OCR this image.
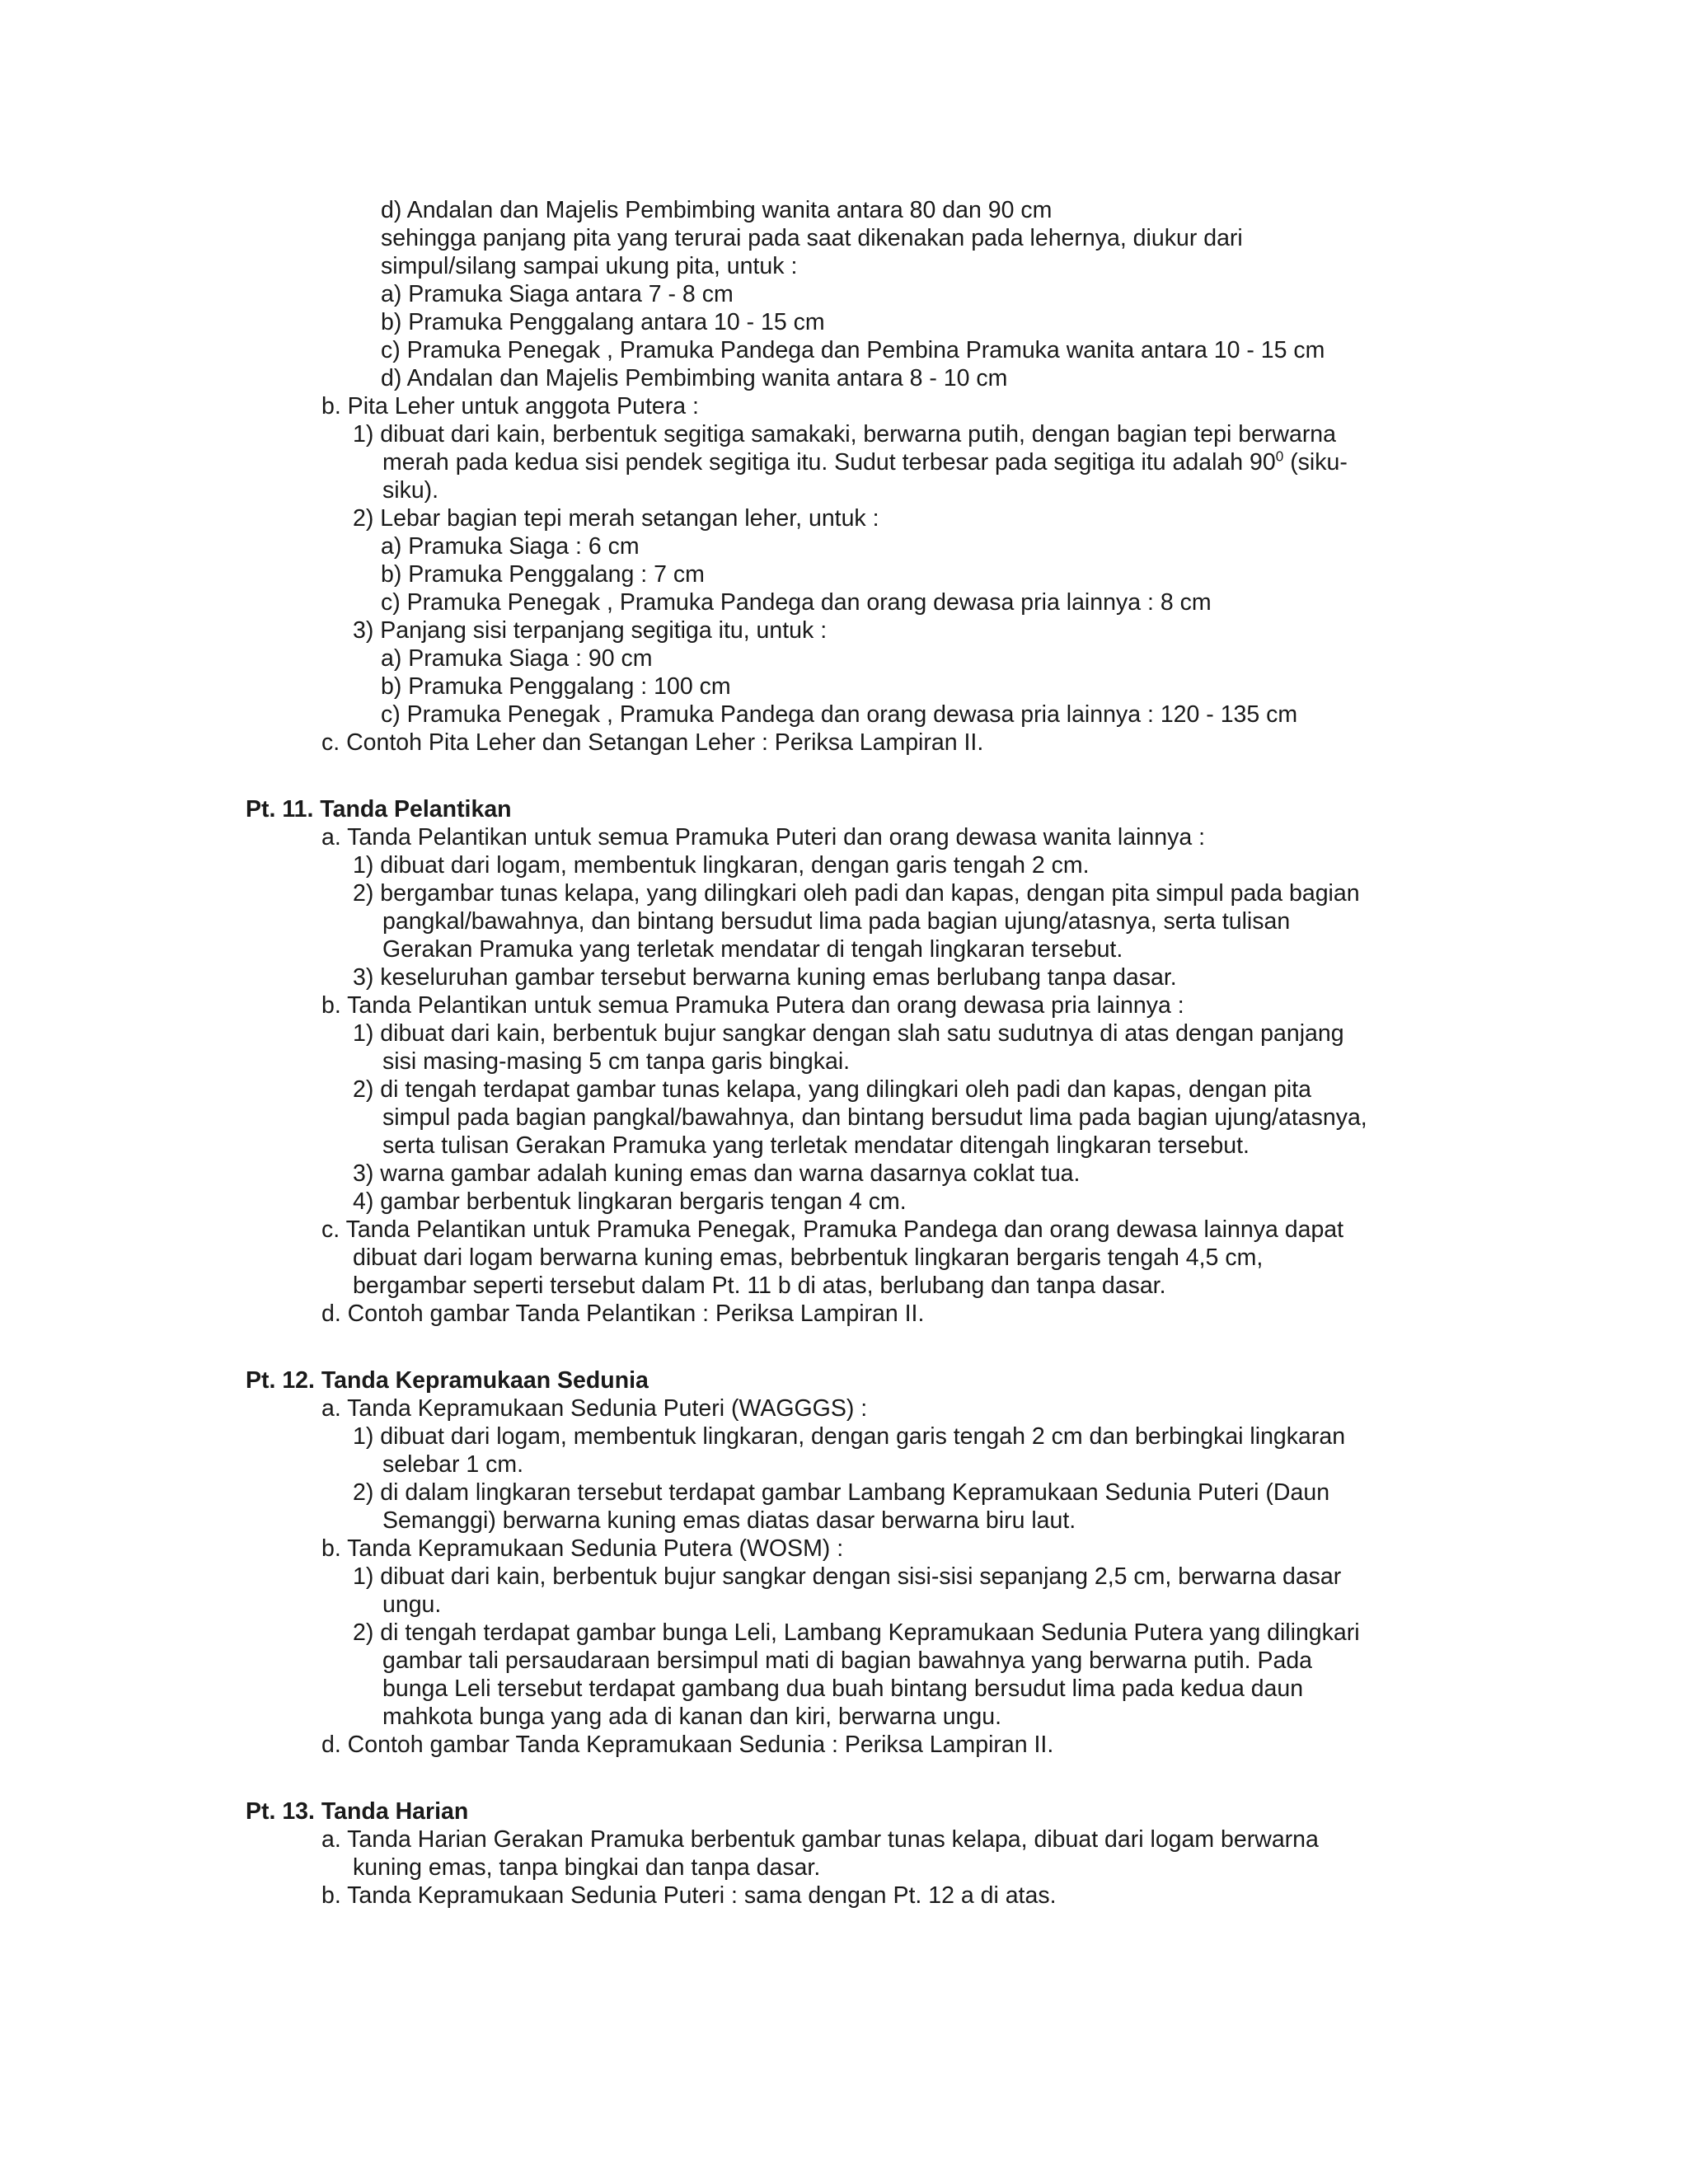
d) Andalan dan Majelis Pembimbing wanita antara 80 dan 90 cm
sehingga panjang pita yang terurai pada saat dikenakan pada lehernya, diukur dari
simpul/silang sampai ukung pita, untuk :
a) Pramuka Siaga antara 7 - 8 cm
b) Pramuka Penggalang antara 10 - 15 cm
c) Pramuka Penegak , Pramuka Pandega dan Pembina Pramuka wanita antara 10 - 15 cm
d) Andalan dan Majelis Pembimbing wanita antara 8 - 10 cm
b. Pita Leher untuk anggota Putera :
1) dibuat dari kain, berbentuk segitiga samakaki, berwarna putih, dengan bagian tepi berwarna
merah pada kedua sisi pendek segitiga itu. Sudut terbesar pada segitiga itu adalah $90^0$ (siku-
siku).
2) Lebar bagian tepi merah setangan leher, untuk :
a) Pramuka Siaga : 6 cm
b) Pramuka Penggalang : 7 cm
c) Pramuka Penegak , Pramuka Pandega dan orang dewasa pria lainnya : 8 cm
3) Panjang sisi terpanjang segitiga itu, untuk :
a) Pramuka Siaga : 90 cm
b) Pramuka Penggalang : 100 cm
c) Pramuka Penegak , Pramuka Pandega dan orang dewasa pria lainnya : 120 - 135 cm
c. Contoh Pita Leher dan Setangan Leher : Periksa Lampiran II.
Pt. 11. Tanda Pelantikan
a. Tanda Pelantikan untuk semua Pramuka Puteri dan orang dewasa wanita lainnya :
1) dibuat dari logam, membentuk lingkaran, dengan garis tengah 2 cm.
2) bergambar tunas kelapa, yang dilingkari oleh padi dan kapas, dengan pita simpul pada bagian
pangkal/bawahnya, dan bintang bersudut lima pada bagian ujung/atasnya, serta tulisan
Gerakan Pramuka yang terletak mendatar di tengah lingkaran tersebut.
3) keseluruhan gambar tersebut berwarna kuning emas berlubang tanpa dasar.
b. Tanda Pelantikan untuk semua Pramuka Putera dan orang dewasa pria lainnya :
1) dibuat dari kain, berbentuk bujur sangkar dengan slah satu sudutnya di atas dengan panjang
sisi masing-masing 5 cm tanpa garis bingkai.
2) di tengah terdapat gambar tunas kelapa, yang dilingkari oleh padi dan kapas, dengan pita
simpul pada bagian pangkal/bawahnya, dan bintang bersudut lima pada bagian ujung/atasnya,
serta tulisan Gerakan Pramuka yang terletak mendatar ditengah lingkaran tersebut.
3) warna gambar adalah kuning emas dan warna dasarnya coklat tua.
4) gambar berbentuk lingkaran bergaris tengan 4 cm.
c. Tanda Pelantikan untuk Pramuka Penegak, Pramuka Pandega dan orang dewasa lainnya dapat
dibuat dari logam berwarna kuning emas, bebrbentuk lingkaran bergaris tengah 4,5 cm,
bergambar seperti tersebut dalam Pt. 11 b di atas, berlubang dan tanpa dasar.
d. Contoh gambar Tanda Pelantikan : Periksa Lampiran II.
Pt. 12. Tanda Kepramukaan Sedunia
a. Tanda Kepramukaan Sedunia Puteri (WAGGGS) :
1) dibuat dari logam, membentuk lingkaran, dengan garis tengah 2 cm dan berbingkai lingkaran
selebar 1 cm.
2) di dalam lingkaran tersebut terdapat gambar Lambang Kepramukaan Sedunia Puteri (Daun
Semanggi) berwarna kuning emas diatas dasar berwarna biru laut.
b. Tanda Kepramukaan Sedunia Putera (WOSM) :
1) dibuat dari kain, berbentuk bujur sangkar dengan sisi-sisi sepanjang 2,5 cm, berwarna dasar
ungu.
2) di tengah terdapat gambar bunga Leli, Lambang Kepramukaan Sedunia Putera yang dilingkari
gambar tali persaudaraan bersimpul mati di bagian bawahnya yang berwarna putih. Pada
bunga Leli tersebut terdapat gambang dua buah bintang bersudut lima pada kedua daun
mahkota bunga yang ada di kanan dan kiri, berwarna ungu.
d. Contoh gambar Tanda Kepramukaan Sedunia : Periksa Lampiran II.
Pt. 13. Tanda Harian
a. Tanda Harian Gerakan Pramuka berbentuk gambar tunas kelapa, dibuat dari logam berwarna
kuning emas, tanpa bingkai dan tanpa dasar.
b. Tanda Kepramukaan Sedunia Puteri : sama dengan Pt. 12 a di atas.
